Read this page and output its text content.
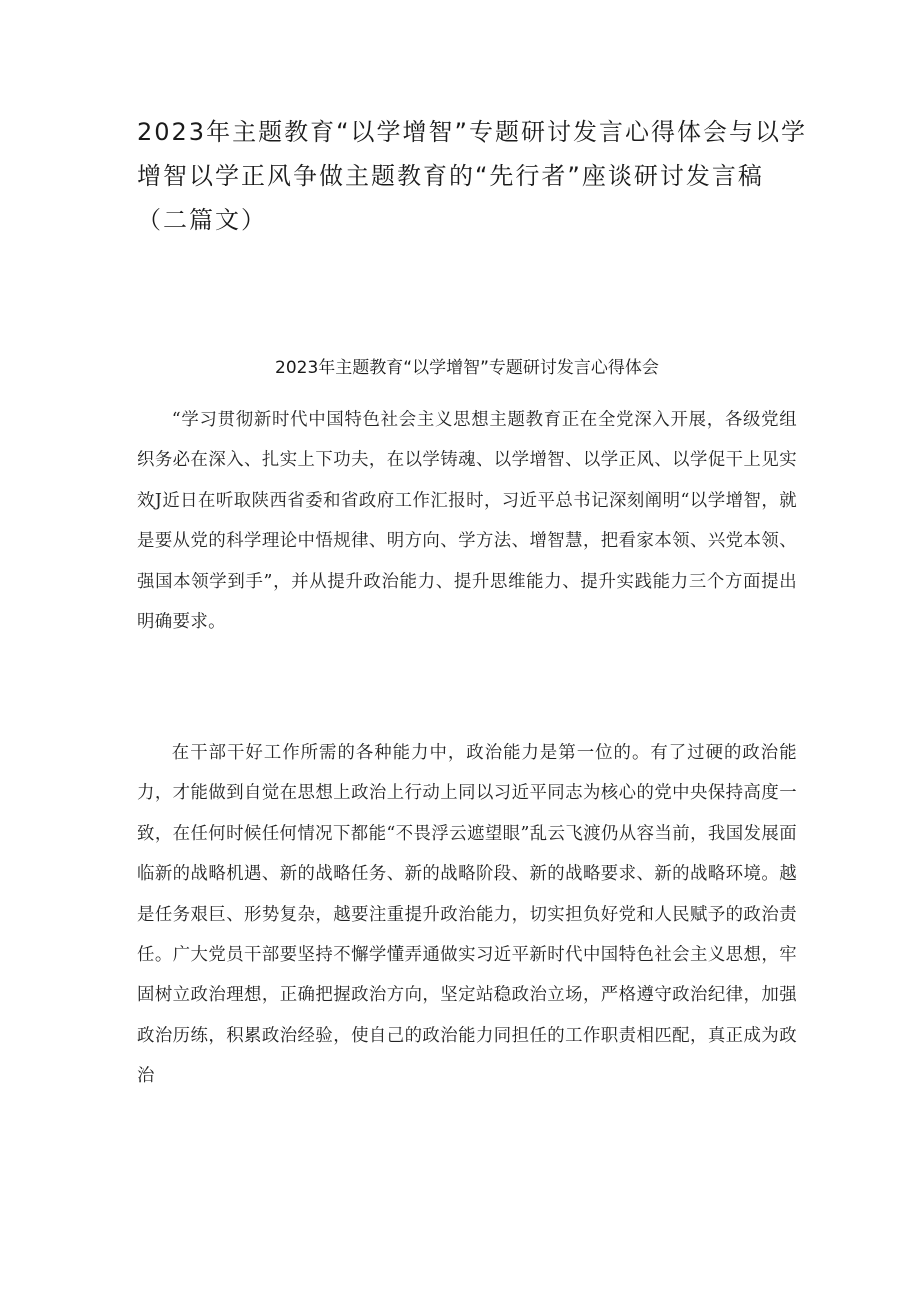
2023年主题教育“以学增智”专题研讨发言心得体会与以学增智以学正风争做主题教育的“先行者”座谈研讨发言稿（二篇文）
2023年主题教育“以学增智”专题研讨发言心得体会

“学习贯彻新时代中国特色社会主义思想主题教育正在全党深入开展，各级党组织务必在深入、扎实上下功夫，在以学铸魂、以学增智、以学正风、以学促干上见实效J近日在听取陕西省委和省政府工作汇报时，习近平总书记深刻阐明“以学增智，就是要从党的科学理论中悟规律、明方向、学方法、增智慧，把看家本领、兴党本领、强国本领学到手”，并从提升政治能力、提升思维能力、提升实践能力三个方面提出明确要求。

在干部干好工作所需的各种能力中，政治能力是第一位的。有了过硬的政治能力，才能做到自觉在思想上政治上行动上同以习近平同志为核心的党中央保持高度一致，在任何时候任何情况下都能“不畏浮云遮望眼”乱云飞渡仍从容当前，我国发展面临新的战略机遇、新的战略任务、新的战略阶段、新的战略要求、新的战略环境。越是任务艰巨、形势复杂，越要注重提升政治能力，切实担负好党和人民赋予的政治责任。广大党员干部要坚持不懈学懂弄通做实习近平新时代中国特色社会主义思想，牢固树立政治理想，正确把握政治方向，坚定站稳政治立场，严格遵守政治纪律，加强政治历练，积累政治经验，使自己的政治能力同担任的工作职责相匹配，真正成为政治
